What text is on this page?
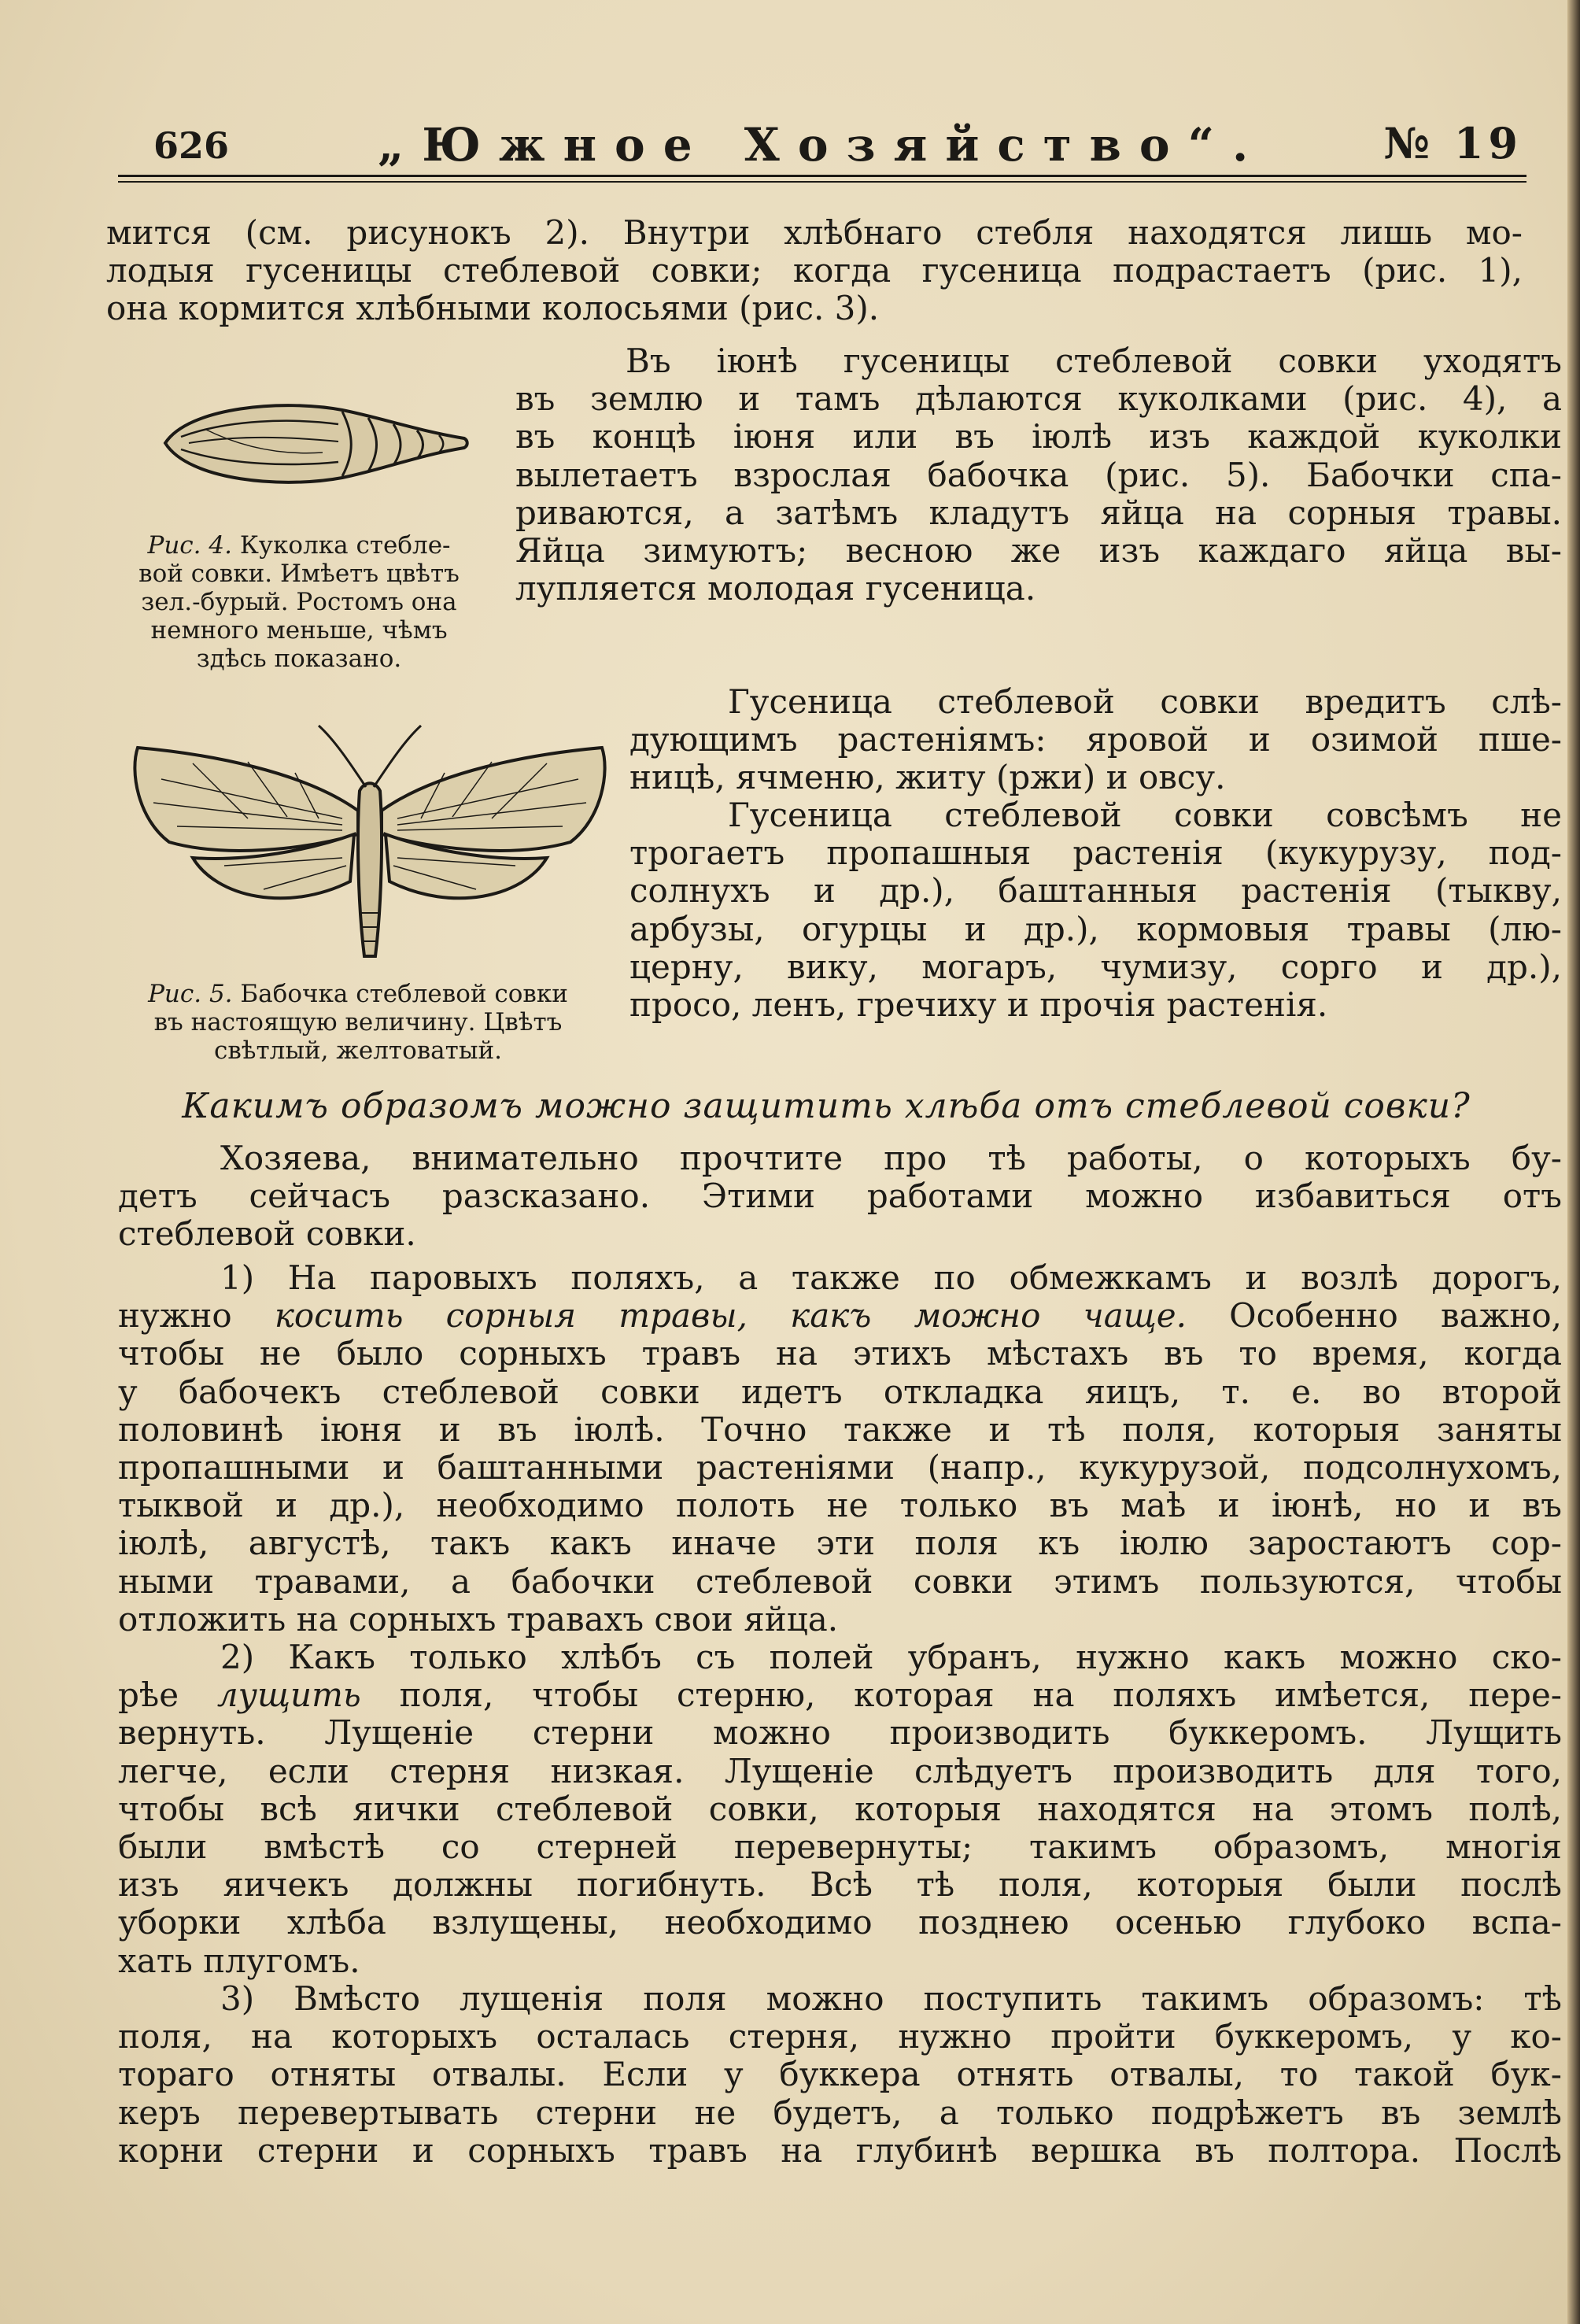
626	„Южное Хозяйство“.	№ 19
мится (см. рисунокъ 2). Внутри хлѣбнаго стебля находятся лишь мо-
лодыя гусеницы стеблевой совки; когда гусеница подрастаетъ (рис. 1),
она кормится хлѣбными колосьями (рис. 3).
Рис. 4. Куколка стебле-
вой совки. Имѣетъ цвѣтъ
зел.-бурый. Ростомъ она
немного меньше, чѣмъ
здѣсь показано.
Въ іюнѣ гусеницы стеблевой совки уходятъ
въ землю и тамъ дѣлаются куколками (рис. 4), а
въ концѣ іюня или въ іюлѣ изъ каждой куколки
вылетаетъ взрослая бабочка (рис. 5). Бабочки спа-
риваются, а затѣмъ кладутъ яйца на сорныя травы.
Яйца зимуютъ; весною же изъ каждаго яйца вы-
лупляется молодая гусеница.
Рис. 5. Бабочка стеблевой совки
въ настоящую величину. Цвѣтъ
свѣтлый, желтоватый.
Гусеница стеблевой совки вредитъ слѣ-
дующимъ растеніямъ: яровой и озимой пше-
ницѣ, ячменю, житу (ржи) и овсу.
Гусеница стеблевой совки совсѣмъ не
трогаетъ пропашныя растенія (кукурузу, под-
солнухъ и др.), баштанныя растенія (тыкву,
арбузы, огурцы и др.), кормовыя травы (лю-
церну, вику, могаръ, чумизу, сорго и др.),
просо, ленъ, гречиху и прочія растенія.
Какимъ образомъ можно защитить хлѣба отъ стеблевой совки?
Хозяева, внимательно прочтите про тѣ работы, о которыхъ бу-
детъ сейчасъ разсказано. Этими работами можно избавиться отъ
стеблевой совки.
1) На паровыхъ поляхъ, а также по обмежкамъ и возлѣ дорогъ,
нужно косить сорныя травы, какъ можно чаще. Особенно важно,
чтобы не было сорныхъ травъ на этихъ мѣстахъ въ то время, когда
у бабочекъ стеблевой совки идетъ откладка яицъ, т. е. во второй
половинѣ іюня и въ іюлѣ. Точно также и тѣ поля, которыя заняты
пропашными и баштанными растеніями (напр., кукурузой, подсолнухомъ,
тыквой и др.), необходимо полоть не только въ маѣ и іюнѣ, но и въ
іюлѣ, августѣ, такъ какъ иначе эти поля къ іюлю заростаютъ сор-
ными травами, а бабочки стеблевой совки этимъ пользуются, чтобы
отложить на сорныхъ травахъ свои яйца.
2) Какъ только хлѣбъ съ полей убранъ, нужно какъ можно ско-
рѣе лущить поля, чтобы стерню, которая на поляхъ имѣется, пере-
вернуть. Лущеніе стерни можно производить буккеромъ. Лущить
легче, если стерня низкая. Лущеніе слѣдуетъ производить для того,
чтобы всѣ яички стеблевой совки, которыя находятся на этомъ полѣ,
были вмѣстѣ со стерней перевернуты; такимъ образомъ, многія
изъ яичекъ должны погибнуть. Всѣ тѣ поля, которыя были послѣ
уборки хлѣба взлущены, необходимо позднею осенью глубоко вспа-
хать плугомъ.
3) Вмѣсто лущенія поля можно поступить такимъ образомъ: тѣ
поля, на которыхъ осталась стерня, нужно пройти буккеромъ, у ко-
тораго отняты отвалы. Если у буккера отнять отвалы, то такой бук-
керъ перевертывать стерни не будетъ, а только подрѣжетъ въ землѣ
корни стерни и сорныхъ травъ на глубинѣ вершка въ полтора. Послѣ
